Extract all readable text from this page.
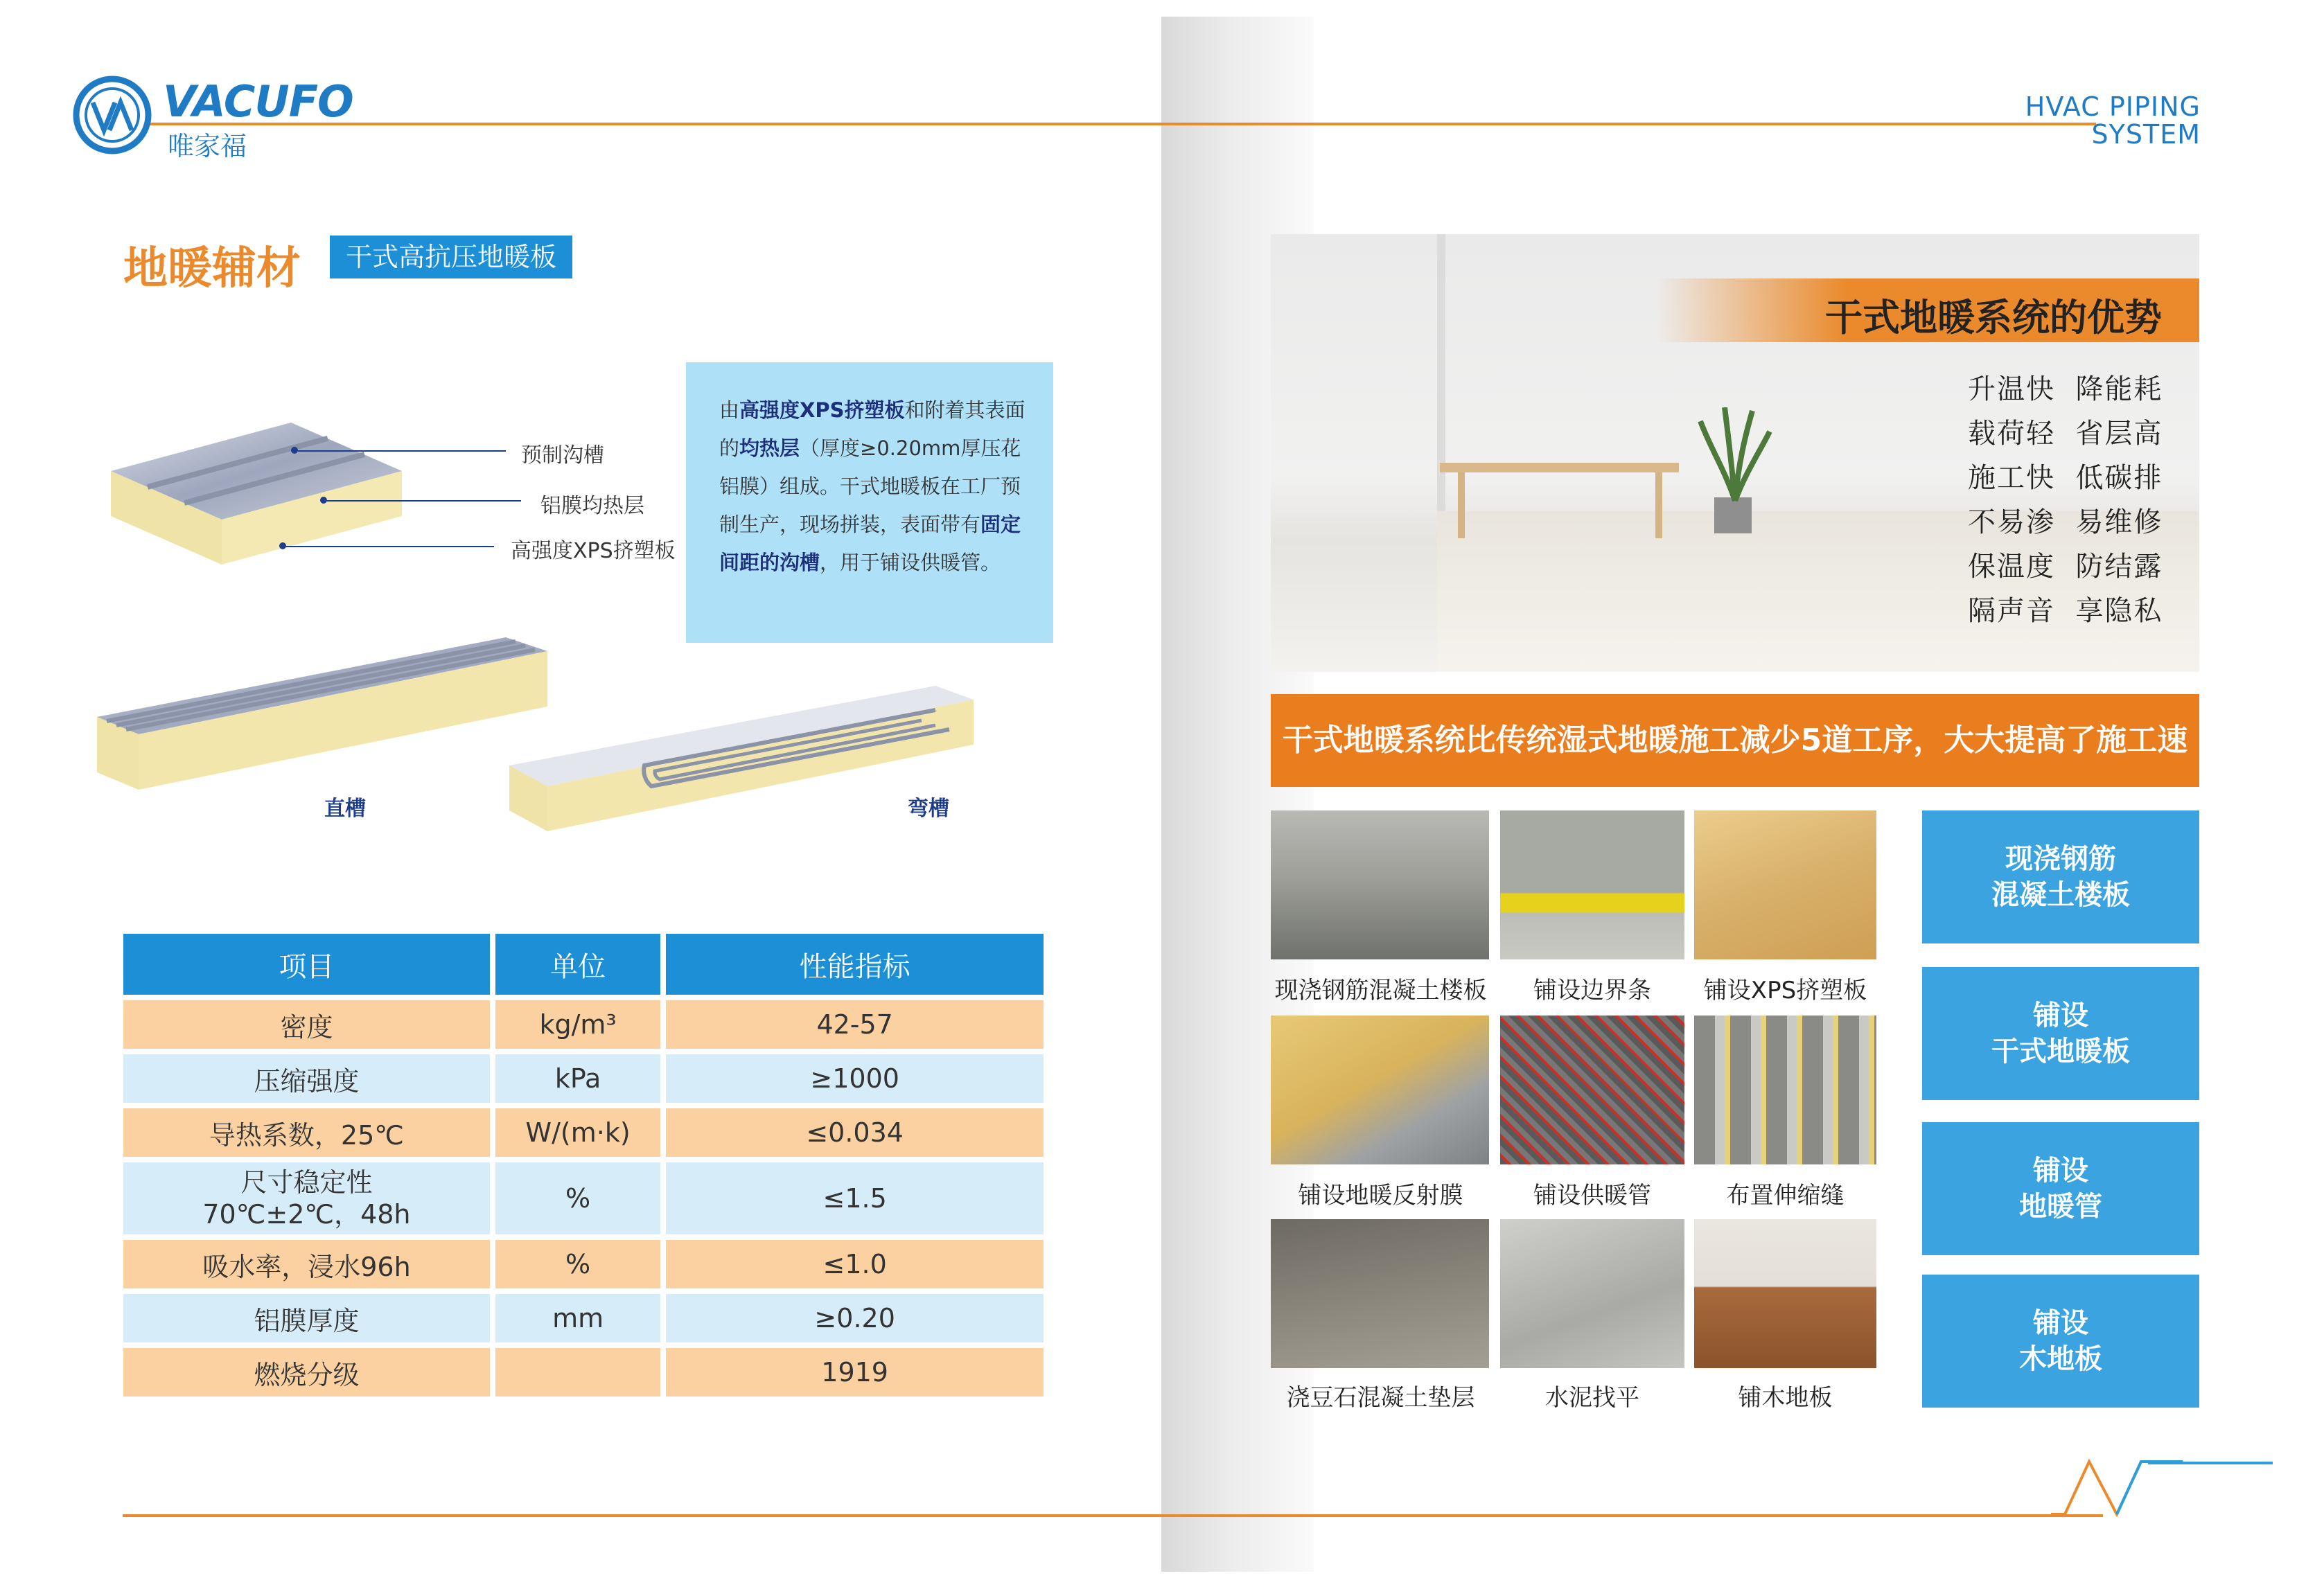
VACUFO
唯家福
HVAC PIPING
SYSTEM
地暖辅材	干式高抗压地暖板
预制沟槽
铝膜均热层
高强度XPS挤塑板
由高强度XPS挤塑板和附着其表面的均热层（厚度≥0.20mm厚压花铝膜）组成。干式地暖板在工厂预制生产，现场拼装，表面带有固定间距的沟槽，用于铺设供暖管。
直槽	弯槽
项目	单位	性能指标
密度	kg/m³	42-57
压缩强度	kPa	≥1000
导热系数，25℃	W/(m·k)	≤0.034

尺寸稳定性
70℃±2℃，48h	%	≤1.5
吸水率，浸水96h	%	≤1.0
铝膜厚度	mm	≥0.20
燃烧分级		1919
干式地暖系统的优势
升温快 降能耗
载荷轻 省层高
施工快 低碳排
不易渗 易维修
保温度 防结露
隔声音 享隐私
干式地暖系统比传统湿式地暖施工减少5道工序，大大提高了施工速
现浇钢筋混凝土楼板	铺设边界条	铺设XPS挤塑板
铺设地暖反射膜	铺设供暖管	布置伸缩缝
浇豆石混凝土垫层	水泥找平	铺木地板
现浇钢筋
混凝土楼板
铺设
干式地暖板
铺设
地暖管
铺设
木地板
